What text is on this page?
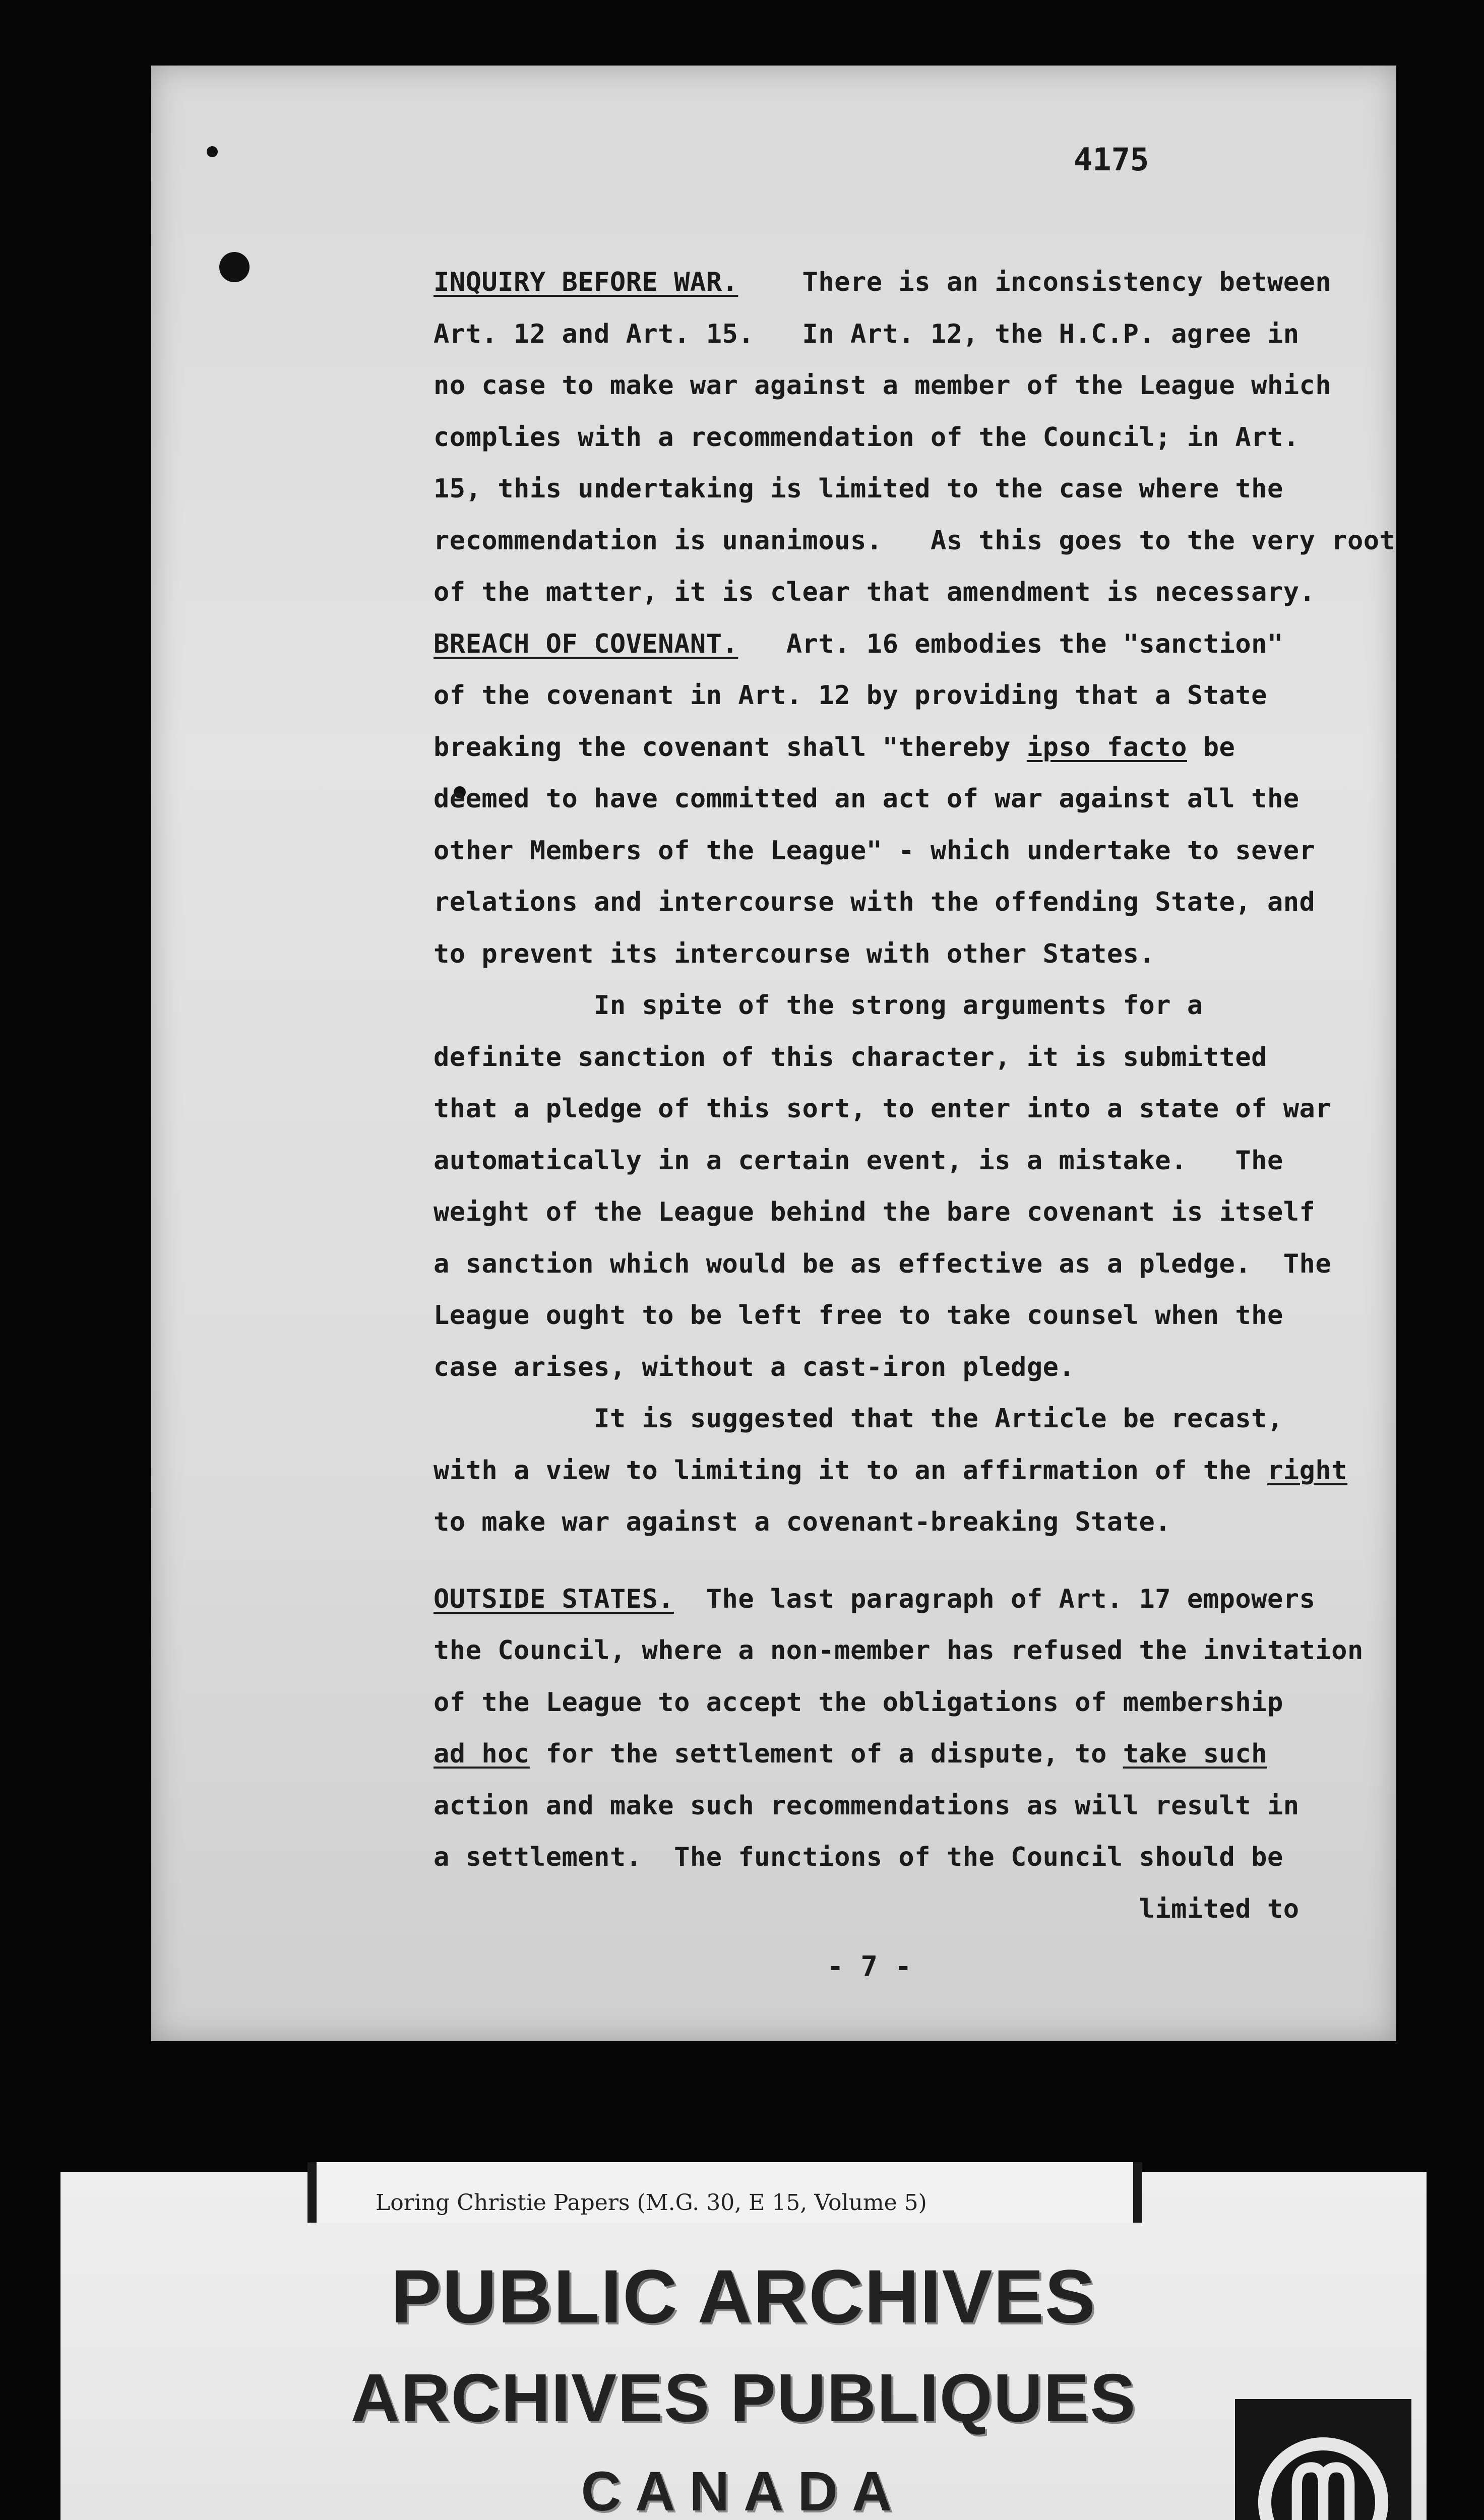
4175
INQUIRY BEFORE WAR.    There is an inconsistency between
Art. 12 and Art. 15.   In Art. 12, the H.C.P. agree in
no case to make war against a member of the League which
complies with a recommendation of the Council; in Art.
15, this undertaking is limited to the case where the
recommendation is unanimous.   As this goes to the very root
of the matter, it is clear that amendment is necessary.
BREACH OF COVENANT.   Art. 16 embodies the "sanction"
of the covenant in Art. 12 by providing that a State
breaking the covenant shall "thereby ipso facto be
deemed to have committed an act of war against all the
other Members of the League" - which undertake to sever
relations and intercourse with the offending State, and
to prevent its intercourse with other States.
In spite of the strong arguments for a
definite sanction of this character, it is submitted
that a pledge of this sort, to enter into a state of war
automatically in a certain event, is a mistake.   The
weight of the League behind the bare covenant is itself
a sanction which would be as effective as a pledge.  The
League ought to be left free to take counsel when the
case arises, without a cast-iron pledge.
It is suggested that the Article be recast,
with a view to limiting it to an affirmation of the right
to make war against a covenant-breaking State.
OUTSIDE STATES.  The last paragraph of Art. 17 empowers
the Council, where a non-member has refused the invitation
of the League to accept the obligations of membership
ad hoc for the settlement of a dispute, to take such
action and make such recommendations as will result in
a settlement.  The functions of the Council should be
limited to
- 7 -
Loring Christie Papers (M.G. 30, E 15, Volume 5)
PUBLIC ARCHIVES
ARCHIVES PUBLIQUES
CANADA
